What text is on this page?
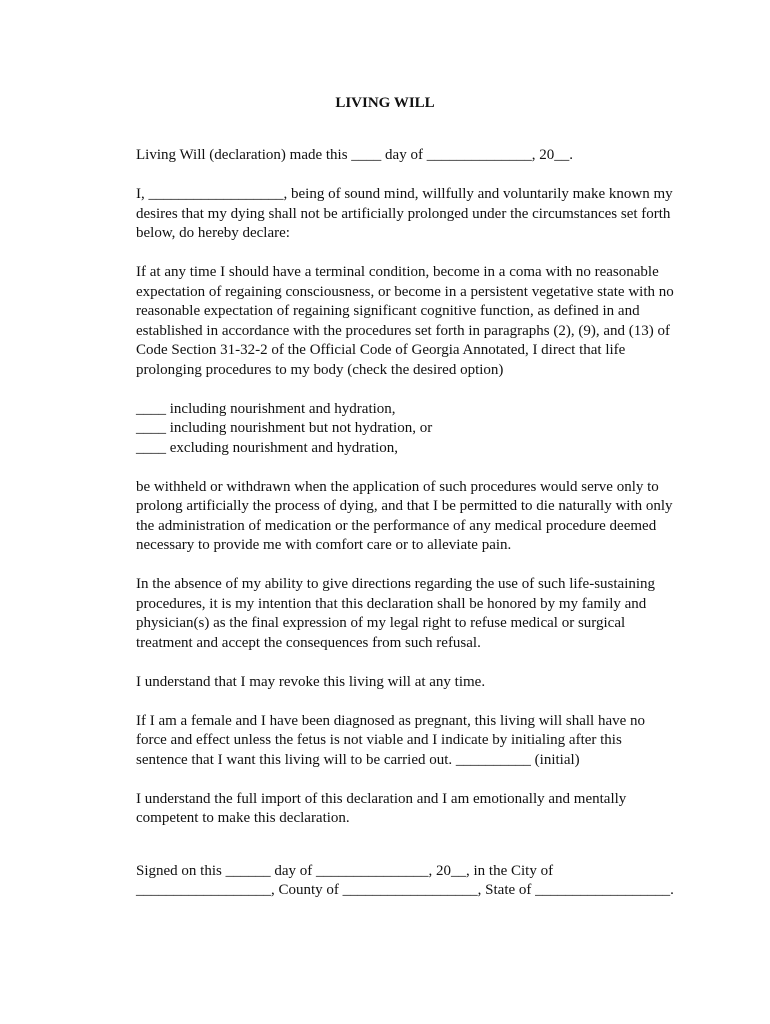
LIVING WILL

Living Will (declaration) made this ____ day of ______________, 20__.

I, __________________, being of sound mind, willfully and voluntarily make known my
desires that my dying shall not be artificially prolonged under the circumstances set forth
below, do hereby declare:

If at any time I should have a terminal condition, become in a coma with no reasonable
expectation of regaining consciousness, or become in a persistent vegetative state with no
reasonable expectation of regaining significant cognitive function, as defined in and
established in accordance with the procedures set forth in paragraphs (2), (9), and (13) of
Code Section 31-32-2 of the Official Code of Georgia Annotated, I direct that life
prolonging procedures to my body (check the desired option)

____ including nourishment and hydration,

____ including nourishment but not hydration, or

____ excluding nourishment and hydration,

be withheld or withdrawn when the application of such procedures would serve only to
prolong artificially the process of dying, and that I be permitted to die naturally with only
the administration of medication or the performance of any medical procedure deemed
necessary to provide me with comfort care or to alleviate pain.

In the absence of my ability to give directions regarding the use of such life-sustaining
procedures, it is my intention that this declaration shall be honored by my family and
physician(s) as the final expression of my legal right to refuse medical or surgical
treatment and accept the consequences from such refusal.

I understand that I may revoke this living will at any time.

If I am a female and I have been diagnosed as pregnant, this living will shall have no
force and effect unless the fetus is not viable and I indicate by initialing after this
sentence that I want this living will to be carried out. __________ (initial)

I understand the full import of this declaration and I am emotionally and mentally
competent to make this declaration.

Signed on this ______ day of _______________, 20__, in the City of
__________________, County of __________________, State of __________________.
